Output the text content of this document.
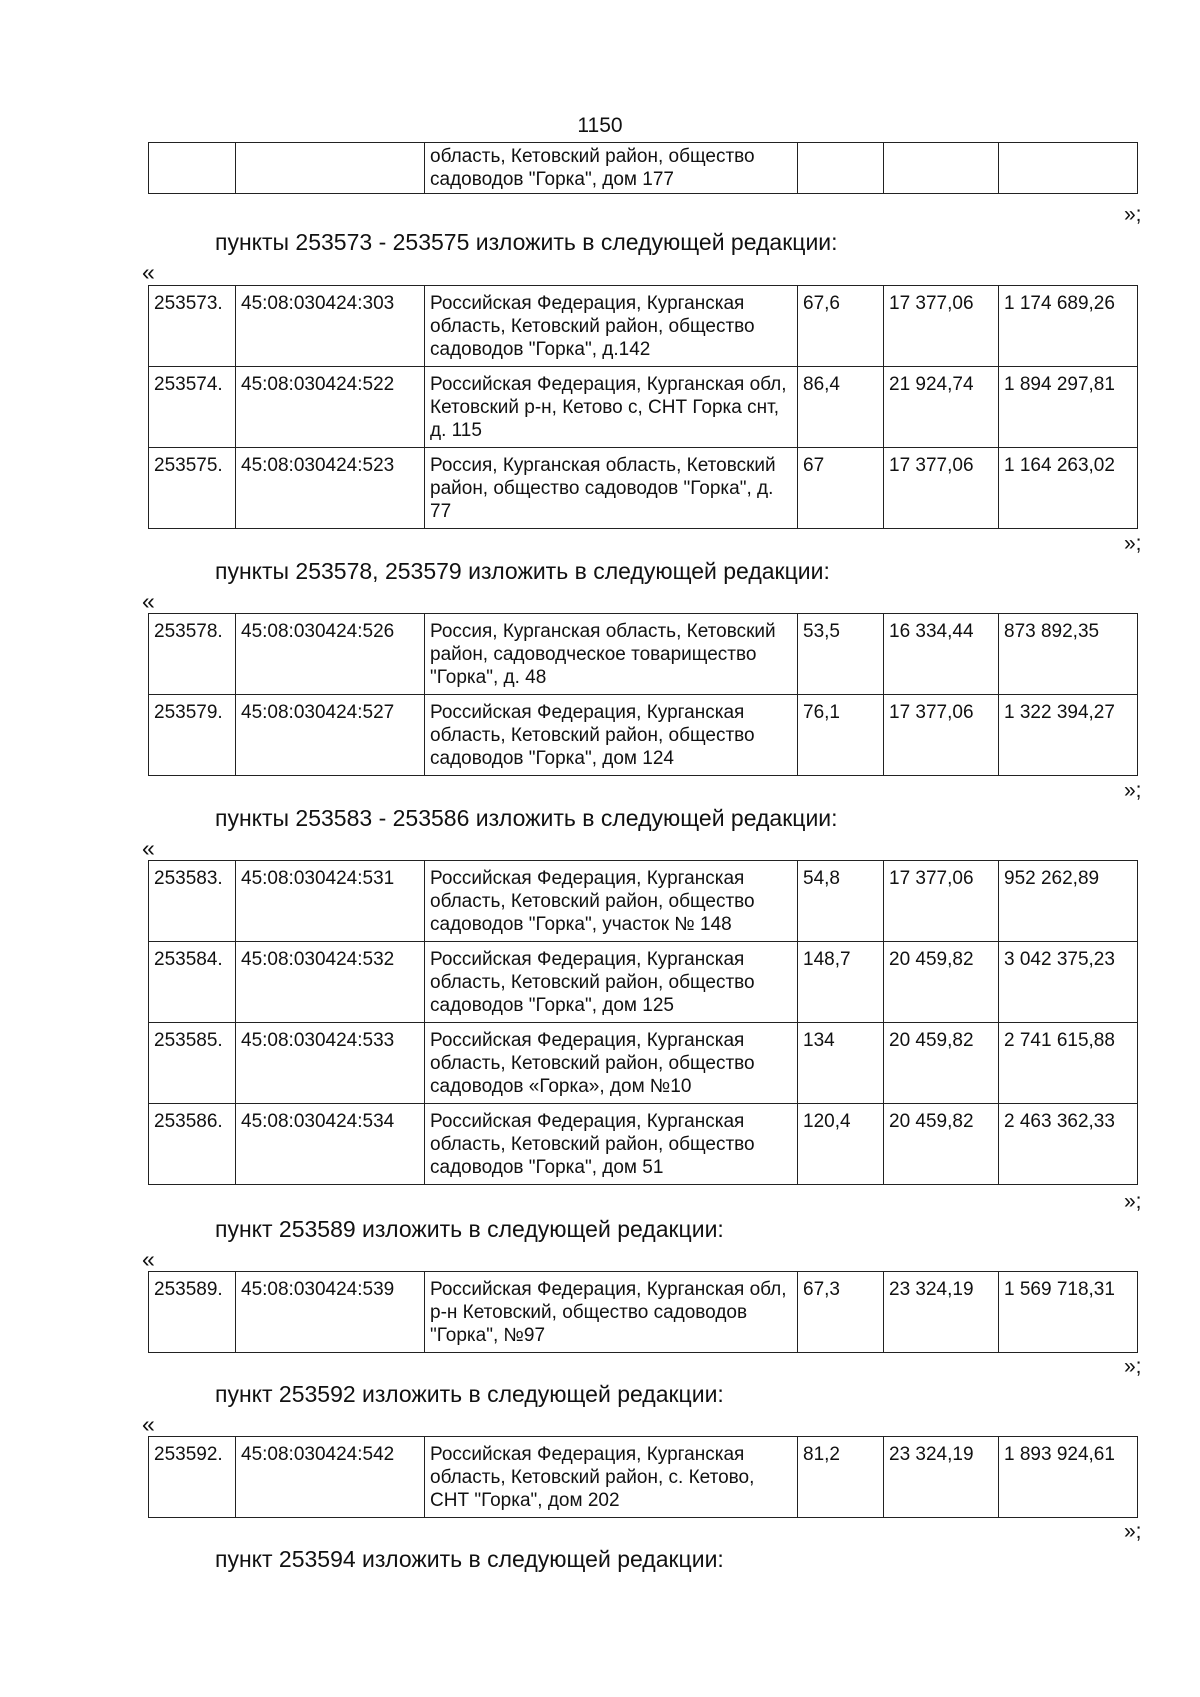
1150
		область, Кетовский район, общество садоводов "Горка", дом 177			
»;
пункты 253573 - 253575 изложить в следующей редакции:
«
253573.	45:08:030424:303	Российская Федерация, Курганская область, Кетовский район, общество садоводов "Горка", д.142	67,6	17 377,06	1 174 689,26
253574.	45:08:030424:522	Российская Федерация, Курганская обл, Кетовский р-н, Кетово с, СНТ Горка снт, д. 115	86,4	21 924,74	1 894 297,81
253575.	45:08:030424:523	Россия, Курганская область, Кетовский район, общество садоводов "Горка", д. 77	67	17 377,06	1 164 263,02
»;
пункты 253578, 253579 изложить в следующей редакции:
«
253578.	45:08:030424:526	Россия, Курганская область, Кетовский район, садоводческое товарищество "Горка", д. 48	53,5	16 334,44	873 892,35
253579.	45:08:030424:527	Российская Федерация, Курганская область, Кетовский район, общество садоводов "Горка", дом 124	76,1	17 377,06	1 322 394,27
»;
пункты 253583 - 253586 изложить в следующей редакции:
«
253583.	45:08:030424:531	Российская Федерация, Курганская область, Кетовский район, общество садоводов "Горка", участок № 148	54,8	17 377,06	952 262,89
253584.	45:08:030424:532	Российская Федерация, Курганская область, Кетовский район, общество садоводов "Горка", дом 125	148,7	20 459,82	3 042 375,23
253585.	45:08:030424:533	Российская Федерация, Курганская область, Кетовский район, общество садоводов «Горка», дом №10	134	20 459,82	2 741 615,88
253586.	45:08:030424:534	Российская Федерация, Курганская область, Кетовский район, общество садоводов "Горка", дом 51	120,4	20 459,82	2 463 362,33
»;
пункт 253589 изложить в следующей редакции:
«
253589.	45:08:030424:539	Российская Федерация, Курганская обл, р-н Кетовский, общество садоводов "Горка", №97	67,3	23 324,19	1 569 718,31
»;
пункт 253592 изложить в следующей редакции:
«
253592.	45:08:030424:542	Российская Федерация, Курганская область, Кетовский район, с. Кетово, СНТ "Горка", дом 202	81,2	23 324,19	1 893 924,61
»;
пункт 253594 изложить в следующей редакции:
